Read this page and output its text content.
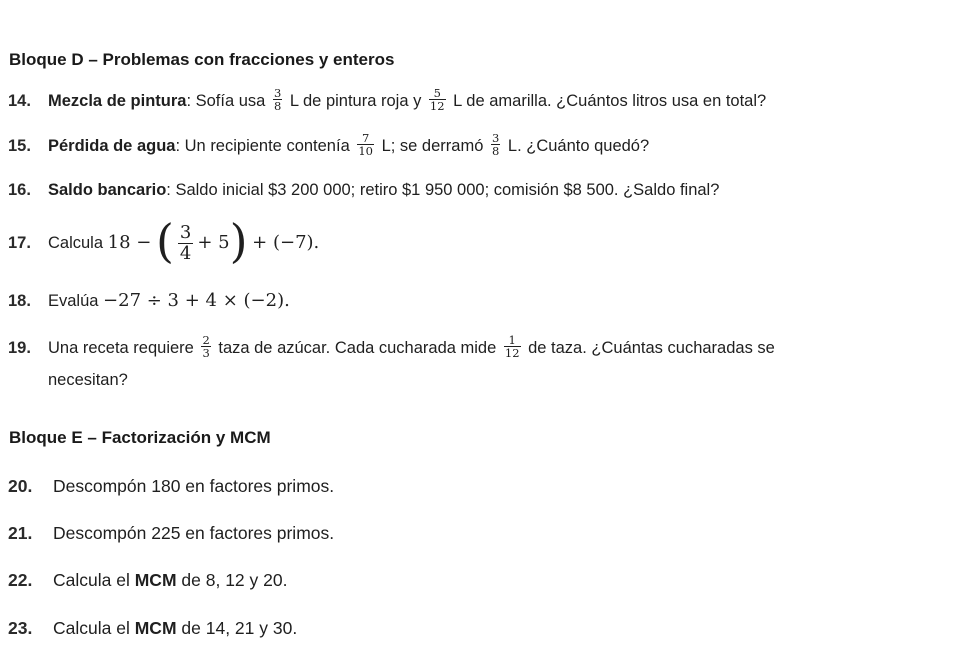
Bloque D – Problemas con fracciones y enteros
14. Mezcla de pintura: Sofía usa $\frac{3}{8}$ L de pintura roja y $\frac{5}{12}$ L de amarilla. ¿Cuántos litros usa en total?
15. Pérdida de agua: Un recipiente contenía $\frac{7}{10} L$; se derramó $\frac{3}{8} L$. ¿Cuánto quedó?
16. Saldo bancario: Saldo inicial $3 200 000; retiro $1 950 000; comisión $8 500. ¿Saldo final?
17. Calcula 18 − ( $\frac{3}{4} + 5) + (-7)$.
18. Evalúa −27 ÷ 3 + 4 × (−2).
19. Una receta requiere $\frac{2}{3}$ taza de azúcar. Cada cucharada mide $\frac{1}{12}$ de taza. ¿Cuántas cucharadas se
necesitan?
Bloque E – Factorización y MCM
20. Descompón 180 en factores primos.
21. Descompón 225 en factores primos.
22. Calcula el MCM de 8, 12 y 20.
23. Calcula el MCM de 14, 21 y 30.
